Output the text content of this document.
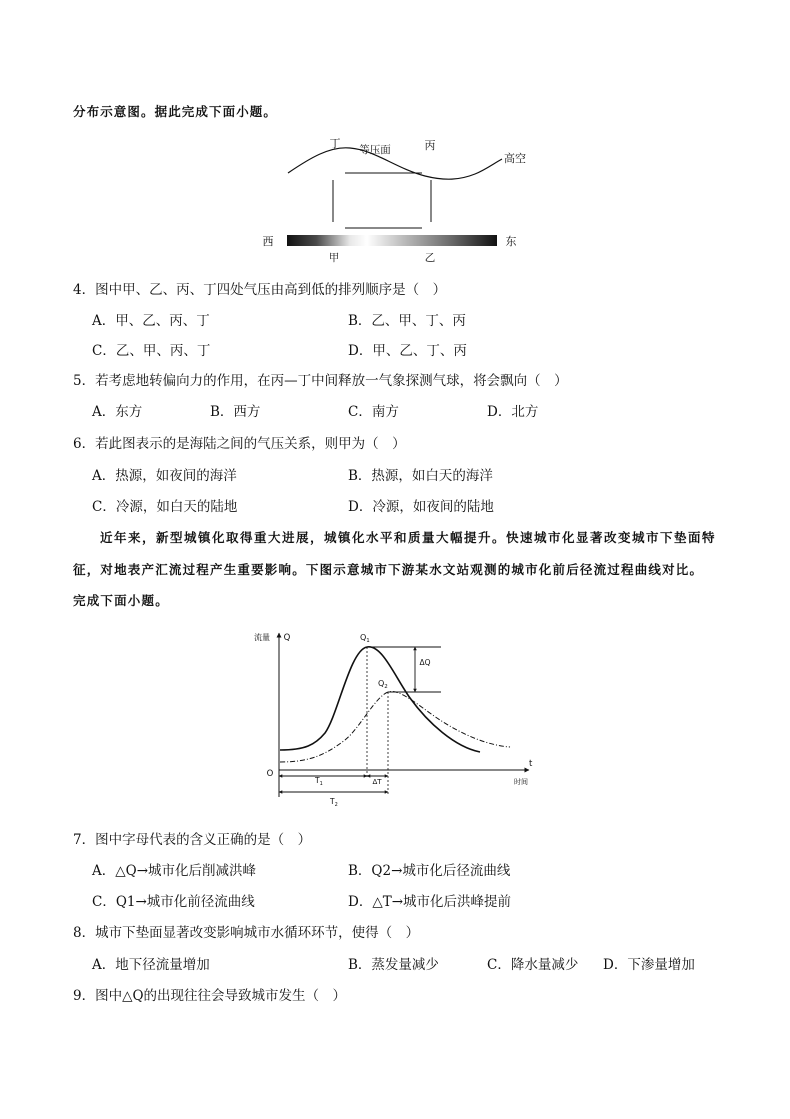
分布示意图。据此完成下面小题。
丁 等压面	丙
高空
西	东
甲	乙
4．图中甲、乙、丙、丁四处气压由高到低的排列顺序是（　）
A．甲、乙、丙、丁	B．乙、甲、丁、丙
C．乙、甲、丙、丁	D．甲、乙、丁、丙
5．若考虑地转偏向力的作用，在丙—丁中间释放一气象探测气球，将会飘向（　）
A．东方	B．西方	C．南方	D．北方
6．若此图表示的是海陆之间的气压关系，则甲为（　）
A．热源，如夜间的海洋	B．热源，如白天的海洋
C．冷源，如白天的陆地	D．冷源，如夜间的陆地
近年来，新型城镇化取得重大进展，城镇化水平和质量大幅提升。快速城市化显著改变城市下垫面特
征，对地表产汇流过程产生重要影响。下图示意城市下游某水文站观测的城市化前后径流过程曲线对比。
完成下面小题。
流量 Q	$Q_1$
ΔQ
$Q_2$
O
t
时间
$T_1$	ΔT
$T_2$
7．图中字母代表的含义正确的是（　）
A．△Q→城市化后削减洪峰	B．Q2→城市化后径流曲线
C．Q1→城市化前径流曲线	D．△T→城市化后洪峰提前
8．城市下垫面显著改变影响城市水循环环节，使得（　）
A．地下径流量增加	B．蒸发量减少	C．降水量减少 D．下渗量增加
9．图中△Q的出现往往会导致城市发生（　）
